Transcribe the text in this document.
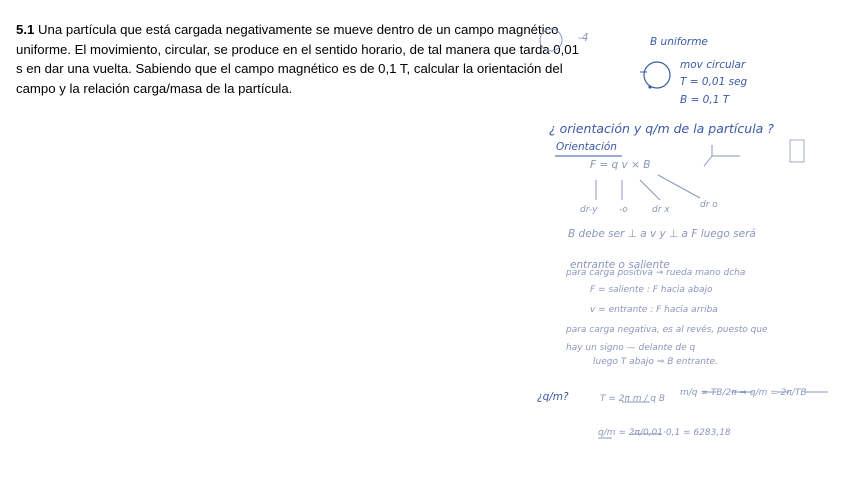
5.1 Una partícula que está cargada negativamente se mueve dentro de un campo magnético uniforme. El movimiento, circular, se produce en el sentido horario, de tal manera que tarda 0,01 s en dar una vuelta. Sabiendo que el campo magnético es de 0,1 T, calcular la orientación del campo y la relación carga/masa de la partícula.
-4	B uniforme
mov circular
T = 0,01 seg
B = 0,1 T
¿ orientación y q/m de la partícula ?
Orientación
F = q v × B
dr-y -o	dr x	dr o
B debe ser ⊥ a v y ⊥ a F luego será
entrante o saliente
para carga positiva → rueda mano dcha
F = saliente : F hacia abajo
v = entrante : F hacia arriba
para carga negativa, es al revés, puesto que
hay un signo — delante de q
luego T abajo ⇒ B entrante.
¿q/m?	T = 2π m / q B
m/q = TB/2π ⇒ q/m = 2π/TB
q/m = 2π/0,01·0,1 = 6283,18
